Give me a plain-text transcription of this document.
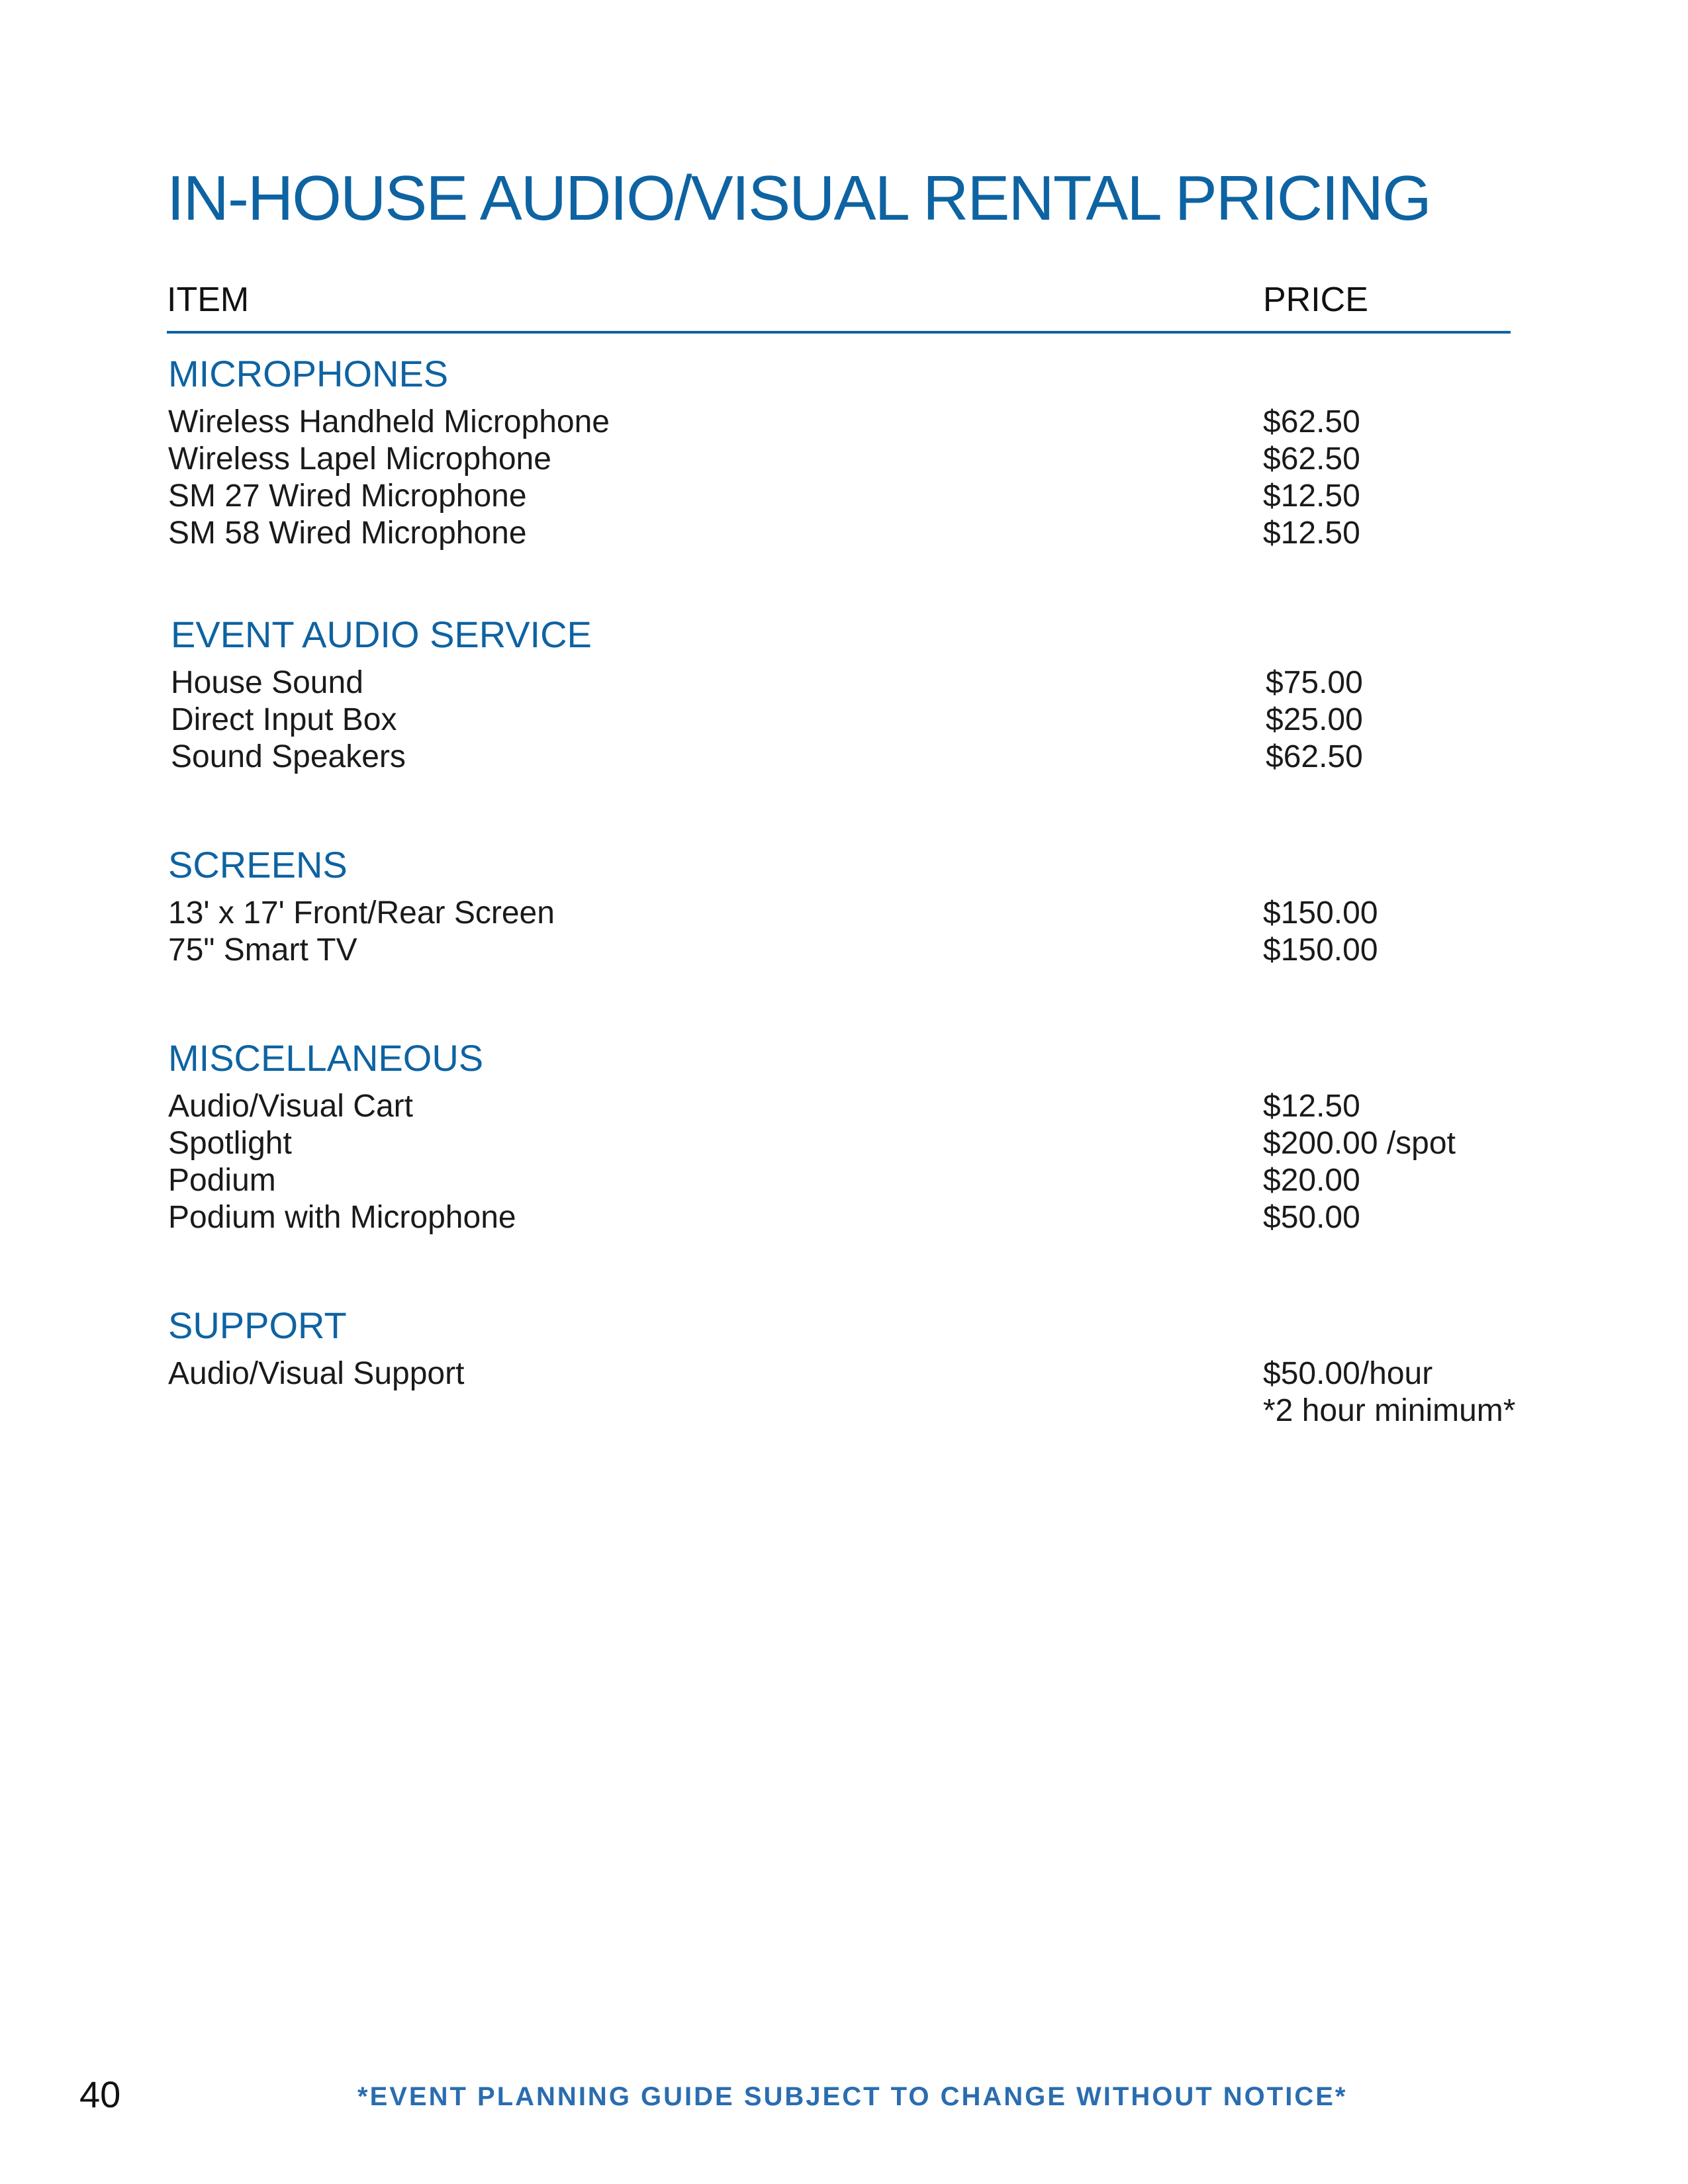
IN-HOUSE AUDIO/VISUAL RENTAL PRICING
ITEM	PRICE
MICROPHONES
Wireless Handheld Microphone	$62.50
Wireless Lapel Microphone	$62.50
SM 27 Wired Microphone	$12.50
SM 58 Wired Microphone	$12.50
EVENT AUDIO SERVICE
House Sound	$75.00
Direct Input Box	$25.00
Sound Speakers	$62.50
SCREENS
13' x 17' Front/Rear Screen	$150.00
75" Smart TV	$150.00
MISCELLANEOUS
Audio/Visual Cart	$12.50
Spotlight	$200.00 /spot
Podium	$20.00
Podium with Microphone	$50.00
SUPPORT
Audio/Visual Support	$50.00/hour
*2 hour minimum*
40	*EVENT PLANNING GUIDE SUBJECT TO CHANGE WITHOUT NOTICE*
